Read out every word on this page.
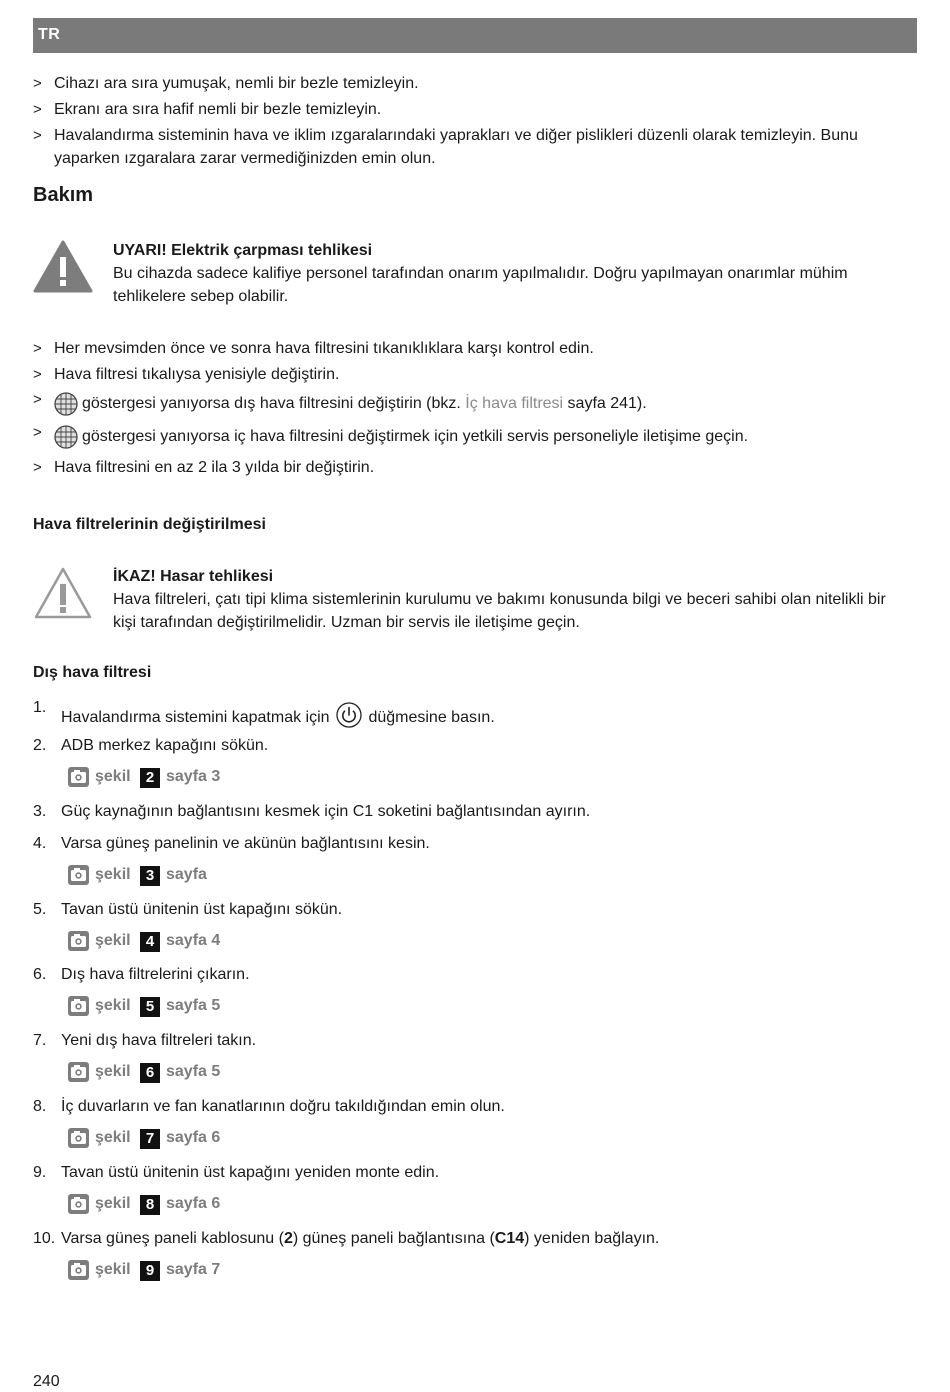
TR
> Cihazı ara sıra yumuşak, nemli bir bezle temizleyin.
> Ekranı ara sıra hafif nemli bir bezle temizleyin.
> Havalandırma sisteminin hava ve iklim ızgaralarındaki yaprakları ve diğer pislikleri düzenli olarak temizleyin. Bunu yaparken ızgaralara zarar vermediğinizden emin olun.
Bakım
UYARI! Elektrik çarpması tehlikesi
Bu cihazda sadece kalifiye personel tarafından onarım yapılmalıdır. Doğru yapılmayan onarımlar mühim tehlikelere sebep olabilir.
> Her mevsimden önce ve sonra hava filtresini tıkanıklıklara karşı kontrol edin.
> Hava filtresi tıkalıysa yenisiyle değiştirin.
>	göstergesi yanıyorsa dış hava filtresini değiştirin (bkz. İç hava filtresi sayfa 241).
>	göstergesi yanıyorsa iç hava filtresini değiştirmek için yetkili servis personeliyle iletişime geçin.
> Hava filtresini en az 2 ila 3 yılda bir değiştirin.
Hava filtrelerinin değiştirilmesi
İKAZ! Hasar tehlikesi
Hava filtreleri, çatı tipi klima sistemlerinin kurulumu ve bakımı konusunda bilgi ve beceri sahibi olan nitelikli bir kişi tarafından değiştirilmelidir. Uzman bir servis ile iletişime geçin.
Dış hava filtresi
1.
Havalandırma sistemini kapatmak için düğmesine basın.
2. ADB merkez kapağını sökün.
şekil	2 sayfa 3
3. Güç kaynağının bağlantısını kesmek için C1 soketini bağlantısından ayırın.
4. Varsa güneş panelinin ve akünün bağlantısını kesin.
şekil	3 sayfa
5. Tavan üstü ünitenin üst kapağını sökün.
şekil	4 sayfa 4
6. Dış hava filtrelerini çıkarın.
şekil	5 sayfa 5
7. Yeni dış hava filtreleri takın.
şekil	6 sayfa 5
8. İç duvarların ve fan kanatlarının doğru takıldığından emin olun.
şekil	7 sayfa 6
9. Tavan üstü ünitenin üst kapağını yeniden monte edin.
şekil	8 sayfa 6
10. Varsa güneş paneli kablosunu (2) güneş paneli bağlantısına (C14) yeniden bağlayın.
şekil	9 sayfa 7
240
